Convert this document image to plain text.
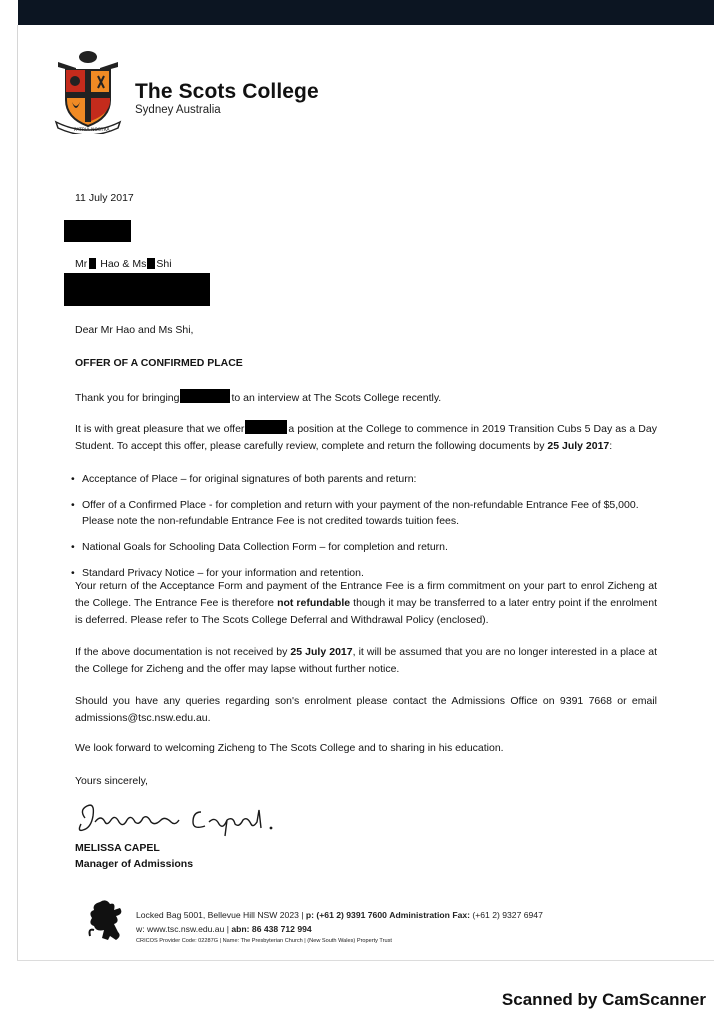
PATRIA NOSTRA
The Scots College
Sydney Australia
11 July 2017
Mr Hao & Ms Shi
Dear Mr Hao and Ms Shi,
OFFER OF A CONFIRMED PLACE
Thank you for bringing	to an interview at The Scots College recently.
It is with great pleasure that we offer	a position at the College to commence in 2019 Transition Cubs 5 Day as a Day Student. To accept this offer, please carefully review, complete and return the following documents by 25 July 2017:
• Acceptance of Place – for original signatures of both parents and return:
• Offer of a Confirmed Place - for completion and return with your payment of the non-refundable Entrance Fee of $5,000.
Please note the non-refundable Entrance Fee is not credited towards tuition fees.
• National Goals for Schooling Data Collection Form – for completion and return.
• Standard Privacy Notice – for your information and retention.
Your return of the Acceptance Form and payment of the Entrance Fee is a firm commitment on your part to enrol Zicheng at the College. The Entrance Fee is therefore not refundable though it may be transferred to a later entry point if the enrolment is deferred. Please refer to The Scots College Deferral and Withdrawal Policy (enclosed).
If the above documentation is not received by 25 July 2017, it will be assumed that you are no longer interested in a place at the College for Zicheng and the offer may lapse without further notice.
Should you have any queries regarding son's enrolment please contact the Admissions Office on 9391 7668 or email admissions@tsc.nsw.edu.au.
We look forward to welcoming Zicheng to The Scots College and to sharing in his education.
Yours sincerely,
MELISSA CAPEL
Manager of Admissions
Locked Bag 5001, Bellevue Hill NSW 2023 | p: (+61 2) 9391 7600 Administration Fax: (+61 2) 9327 6947
w: www.tsc.nsw.edu.au | abn: 86 438 712 994
CRICOS Provider Code: 02287G | Name: The Presbyterian Church | (New South Wales) Property Trust
Scanned by CamScanner
